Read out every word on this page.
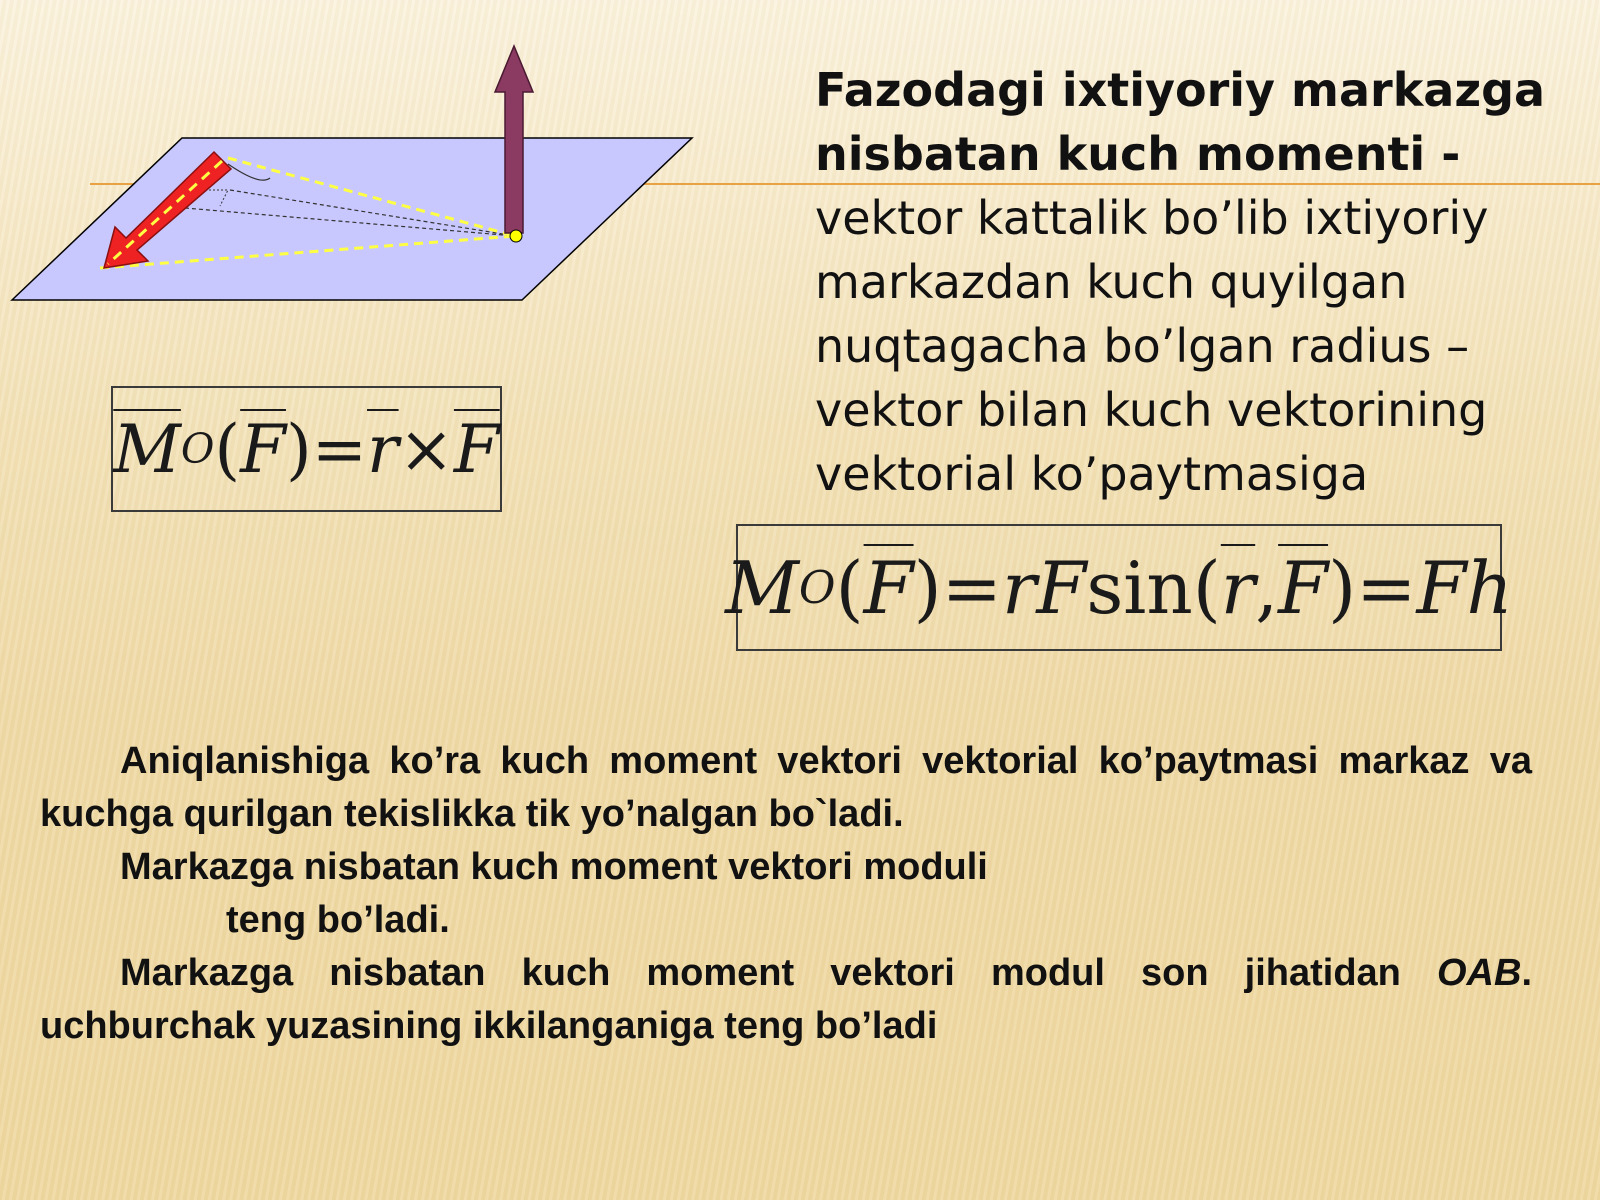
Fazodagi ixtiyoriy markazga nisbatan kuch momenti - vektor kattalik bo’lib ixtiyoriy markazdan kuch quyilgan nuqtagacha bo’lgan radius – vektor bilan kuch vektorining vektorial ko’paytmasiga
$\overline{M}$ O ( $\overline{F}$ ) = $\overline{r} \times \overline{F}$
M O ( $\overline{F}$ ) = rF sin( $\overline{r}$ , $\overline{F}$ ) = Fh

Aniqlanishiga ko’ra kuch moment vektori vektorial ko’paytmasi markaz va kuchga qurilgan tekislikka tik yo’nalgan bo`ladi.

Markazga nisbatan kuch moment vektori moduli

teng bo’ladi.

Markazga nisbatan kuch moment vektori modul son jihatidan OAB. uchburchak yuzasining ikkilanganiga teng bo’ladi
